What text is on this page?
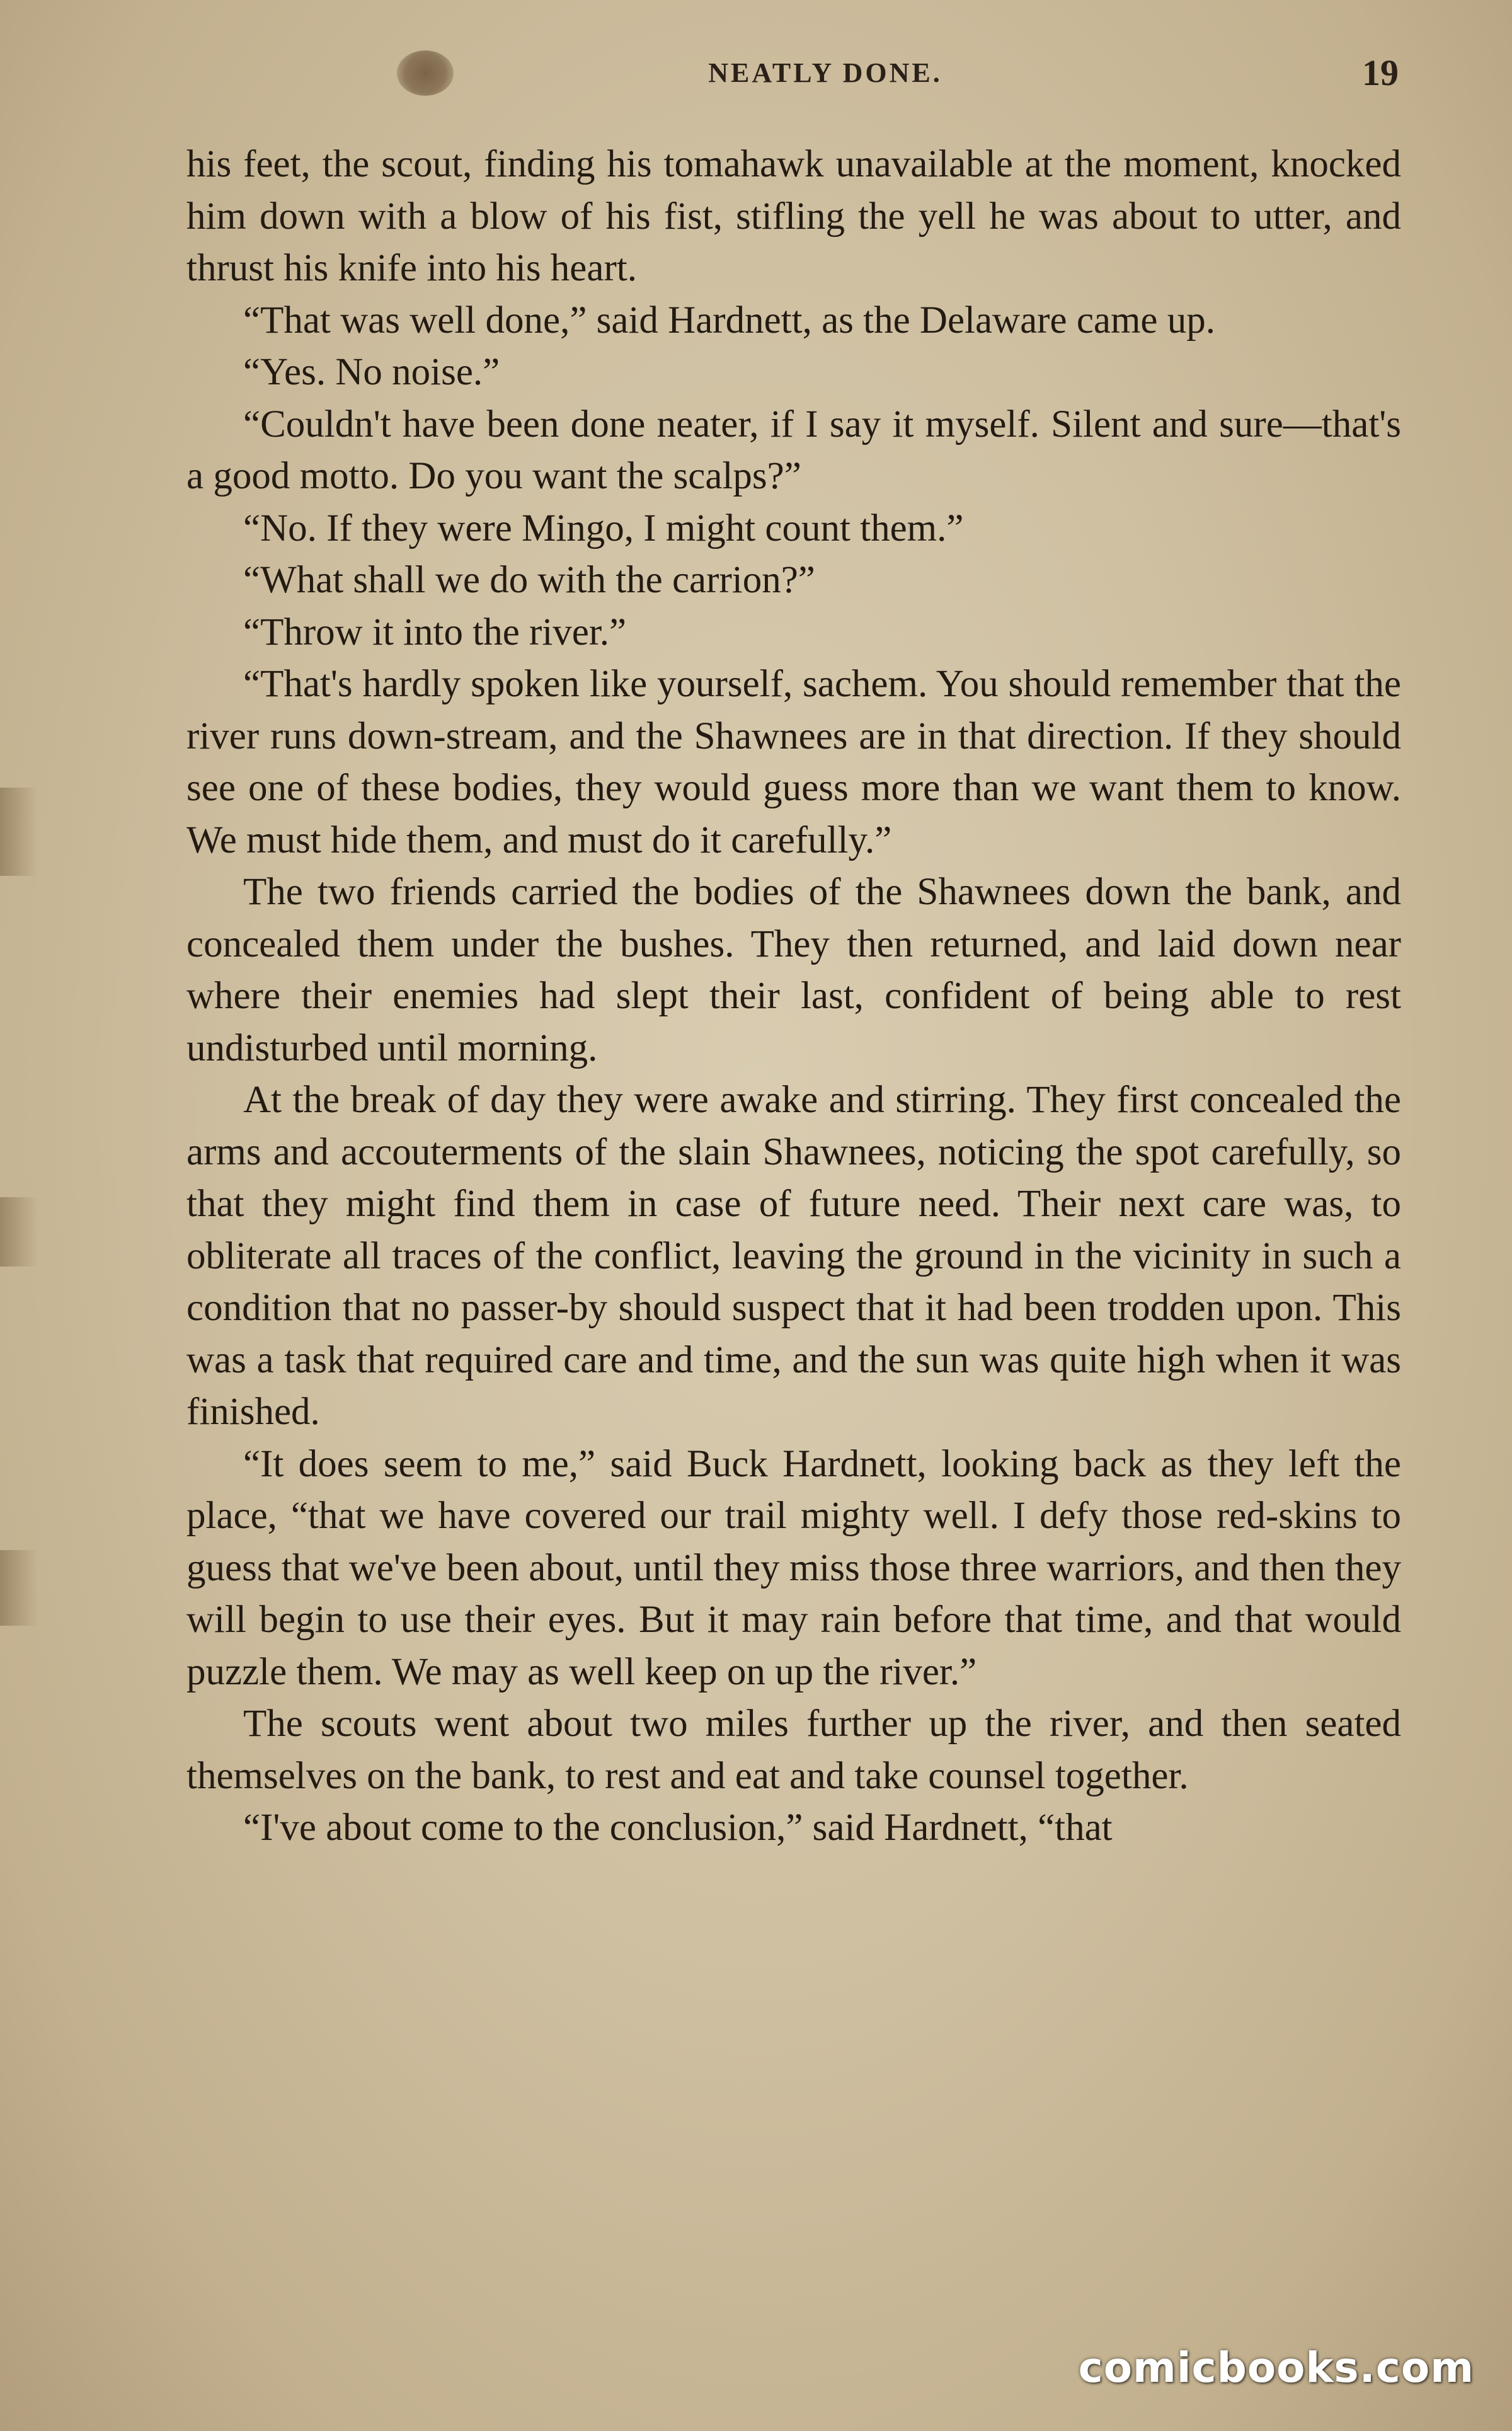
NEATLY DONE.	19

his feet, the scout, finding his tomahawk unavailable at the moment, knocked him down with a blow of his fist, stifling the yell he was about to utter, and thrust his knife into his heart.

“That was well done,” said Hardnett, as the Delaware came up.

“Yes. No noise.”

“Couldn't have been done neater, if I say it myself. Silent and sure—that's a good motto. Do you want the scalps?”

“No. If they were Mingo, I might count them.”

“What shall we do with the carrion?”

“Throw it into the river.”

“That's hardly spoken like yourself, sachem. You should remember that the river runs down-stream, and the Shawnees are in that direction. If they should see one of these bodies, they would guess more than we want them to know. We must hide them, and must do it carefully.”

The two friends carried the bodies of the Shawnees down the bank, and concealed them under the bushes. They then returned, and laid down near where their enemies had slept their last, confident of being able to rest undisturbed until morning.

At the break of day they were awake and stirring. They first concealed the arms and accouterments of the slain Shawnees, noticing the spot carefully, so that they might find them in case of future need. Their next care was, to obliterate all traces of the conflict, leaving the ground in the vicinity in such a condition that no passer-by should suspect that it had been trodden upon. This was a task that required care and time, and the sun was quite high when it was finished.

“It does seem to me,” said Buck Hardnett, looking back as they left the place, “that we have covered our trail mighty well. I defy those red-skins to guess that we've been about, until they miss those three warriors, and then they will begin to use their eyes. But it may rain before that time, and that would puzzle them. We may as well keep on up the river.”

The scouts went about two miles further up the river, and then seated themselves on the bank, to rest and eat and take counsel together.

“I've about come to the conclusion,” said Hardnett, “that

comicbooks.com
